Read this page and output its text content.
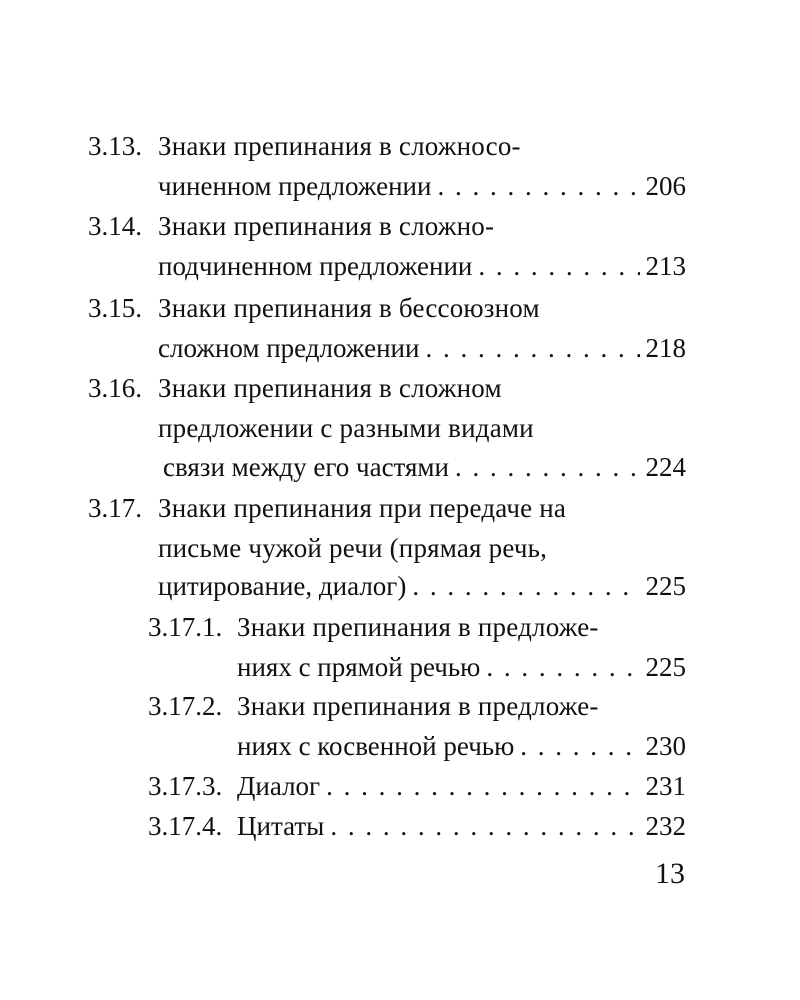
3.13. Знаки препинания в сложносо-
чиненном предложении . . .	206
3.14. Знаки препинания в сложно-
подчиненном предложении . . .	213
3.15. Знаки препинания в бессоюзном
сложном предложении . . .	218
3.16. Знаки препинания в сложном
предложении с разными видами
связи между его частями . . .	224
3.17. Знаки препинания при передаче на
письме чужой речи (прямая речь,
цитирование, диалог) . . .	225
3.17.1. Знаки препинания в предложе-
ниях с прямой речью . . .	225
3.17.2. Знаки препинания в предложе-
ниях с косвенной речью . . .	230
3.17.3. Диалог . . .	231
3.17.4. Цитаты . . .	232
13
